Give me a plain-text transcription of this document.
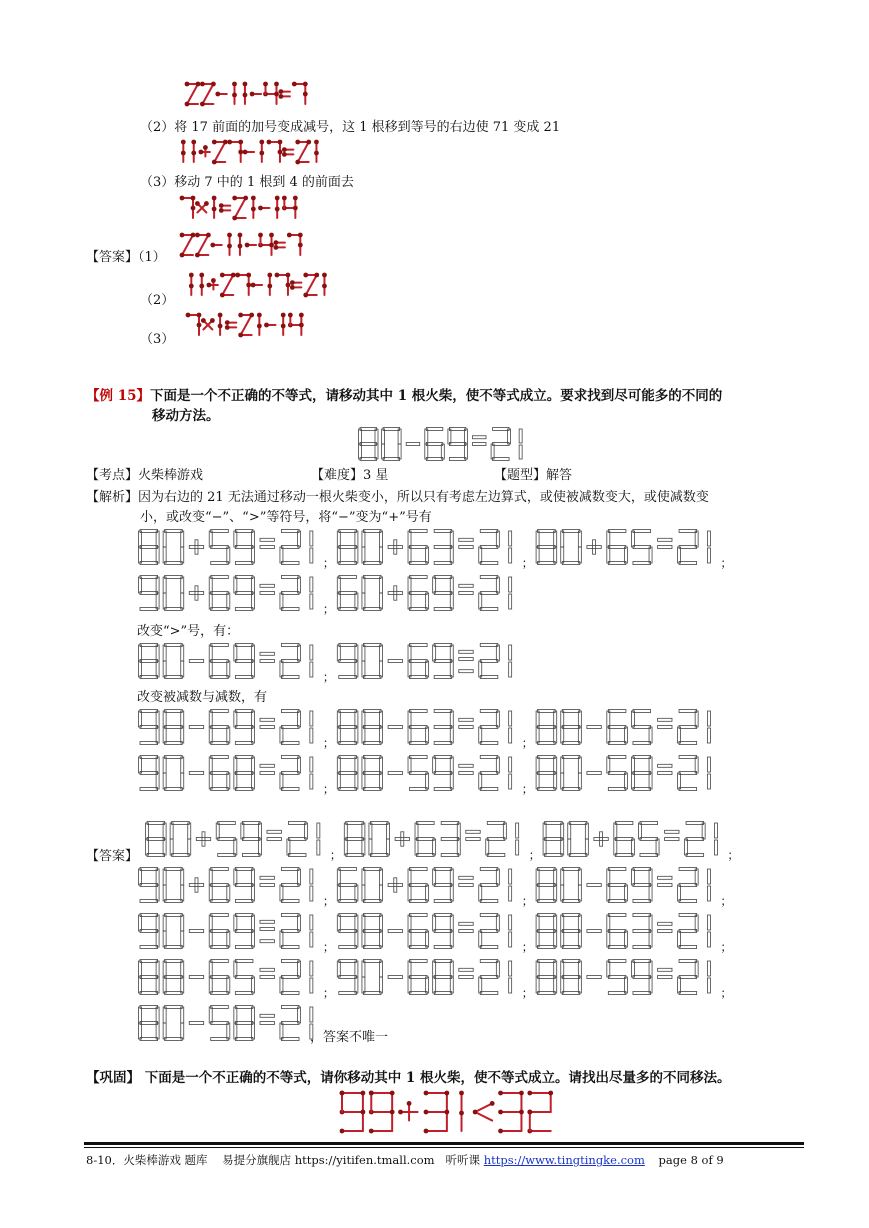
（2）将 17 前面的加号变成减号，这 1 根移到等号的右边使 71 变成 21
（3）移动 7 中的 1 根到 4 的前面去
【答案】（1）
（2）
（3）
【例 15】下面是一个不正确的不等式，请移动其中 1 根火柴，使不等式成立。要求找到尽可能多的不同的
移动方法。
【考点】火柴棒游戏	【难度】3 星	【题型】解答
【解析】因为右边的 21 无法通过移动一根火柴变小，所以只有考虑左边算式，或使被减数变大，或使减数变
小，或改变“−”、“>”等符号，将“−”变为“+”号有
；	；	；
；
改变“>”号，有：
；
改变被减数与减数，有
；	；
；	；
【答案】	；	；	；
；	；	；
；	；	；
；	；	；
，答案不唯一
【巩固】 下面是一个不正确的不等式，请你移动其中 1 根火柴，使不等式成立。请找出尽量多的不同移法。
8-10．火柴棒游戏 题库    易提分旗舰店 https://yitifen.tmall.com   听听课 https://www.tingtingke.com page 8 of 9
